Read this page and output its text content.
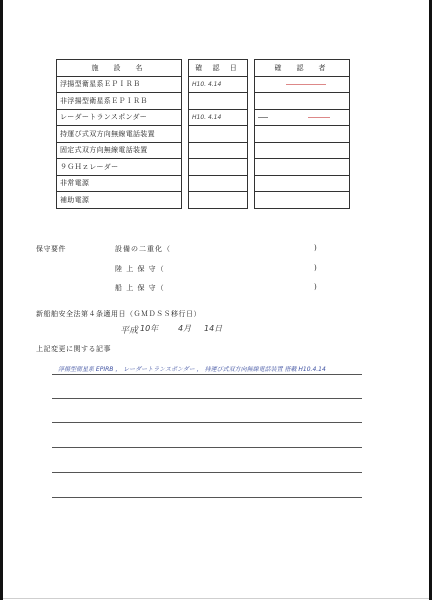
施　設　名		確 認 日		確　認　者
浮揚型衛星系ＥＰＩＲＢ		H10. 4.14		
非浮揚型衛星系ＥＰＩＲＢ				
レーダートランスポンダー		H10. 4.14		
持運び式双方向無線電話装置				
固定式双方向無線電話装置				
９ＧＨｚレーダー				
非常電源				
補助電源				
保守要件	設備の二重化（	)
陸 上 保 守（	)
船 上 保 守（	)
新船舶安全法第４条適用日（ＧＭＤＳＳ移行日）
平成 10年 4月 14日
上記変更に関する記事
浮揚型衛星系 EPIRB ， レーダートランスポンダー ， 持運び式双方向無線電話装置 搭載 H10.4.14
